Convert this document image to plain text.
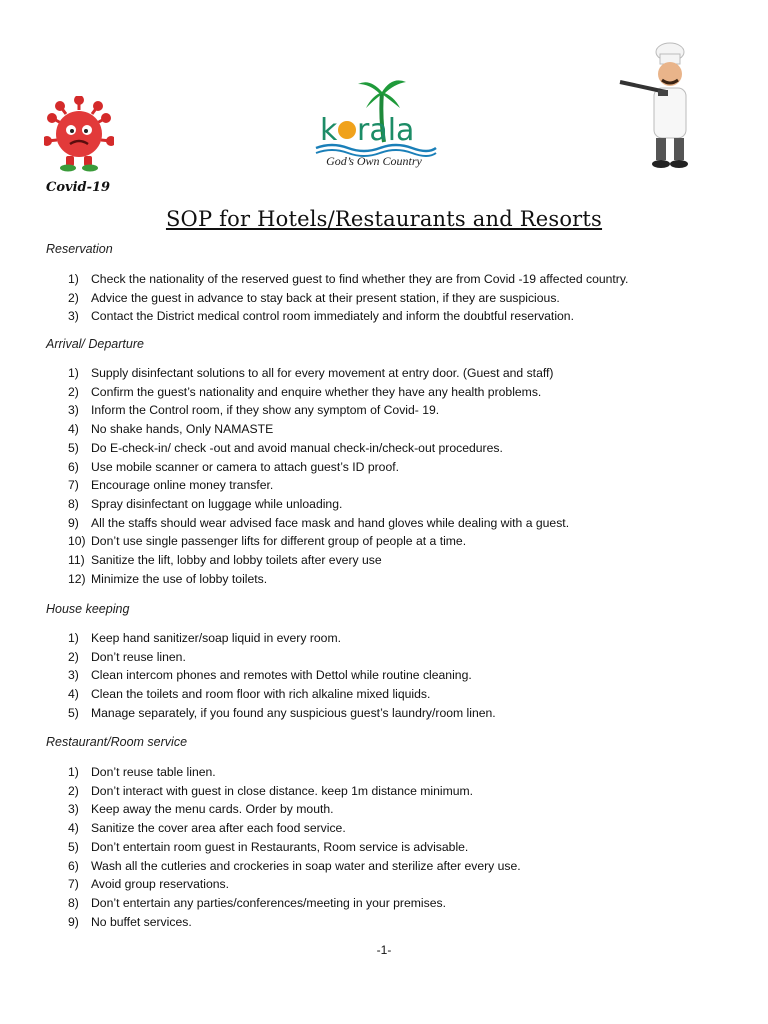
Covid-19
k rala
God’s Own Country
SOP for Hotels/Restaurants and Resorts
Reservation
1) Check the nationality of the reserved guest to find whether they are from Covid -19 affected country.
2) Advice the guest in advance to stay back at their present station, if they are suspicious.
3) Contact the District medical control room immediately and inform the doubtful reservation.
Arrival/ Departure
1) Supply disinfectant solutions to all for every movement at entry door. (Guest and staff)
2) Confirm the guest’s nationality and enquire whether they have any health problems.
3) Inform the Control room, if they show any symptom of Covid- 19.
4) No shake hands, Only NAMASTE
5) Do E-check-in/ check -out and avoid manual check-in/check-out procedures.
6) Use mobile scanner or camera to attach guest’s ID proof.
7) Encourage online money transfer.
8) Spray disinfectant on luggage while unloading.
9) All the staffs should wear advised face mask and hand gloves while dealing with a guest.
10) Don’t use single passenger lifts for different group of people at a time.
11) Sanitize the lift, lobby and lobby toilets after every use
12) Minimize the use of lobby toilets.
House keeping
1) Keep hand sanitizer/soap liquid in every room.
2) Don’t reuse linen.
3) Clean intercom phones and remotes with Dettol while routine cleaning.
4) Clean the toilets and room floor with rich alkaline mixed liquids.
5) Manage separately, if you found any suspicious guest’s laundry/room linen.
Restaurant/Room service
1) Don’t reuse table linen.
2) Don’t interact with guest in close distance. keep 1m distance minimum.
3) Keep away the menu cards. Order by mouth.
4) Sanitize the cover area after each food service.
5) Don’t entertain room guest in Restaurants, Room service is advisable.
6) Wash all the cutleries and crockeries in soap water and sterilize after every use.
7) Avoid group reservations.
8) Don’t entertain any parties/conferences/meeting in your premises.
9) No buffet services.
-1-
